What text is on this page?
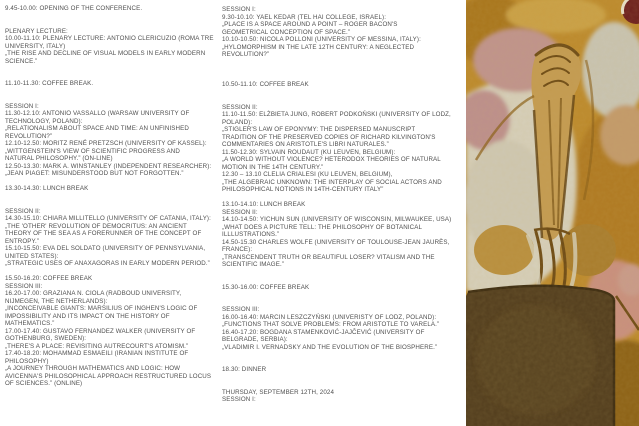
9.45-10.00: OPENING OF THE CONFERENCE.
PLENARY LECTURE:
10.00-11.10: PLENARY LECTURE: ANTONIO CLERICUZIO (ROMA TRE
UNIVERSITY, ITALY)
„THE RISE AND DECLINE OF VISUAL MODELS IN EARLY MODERN
SCIENCE.”
11.10-11.30: COFFEE BREAK.
SESSION I:
11.30-12.10: ANTONIO VASSALLO (WARSAW UNIVERSITY OF
TECHNOLOGY, POLAND):
„RELATIONALISM ABOUT SPACE AND TIME: AN UNFINISHED
REVOLUTION?”
12.10-12.50: MORITZ RENÉ PRETZSCH (UNIVERSITY OF KASSEL):
„WITTGENSTEIN'S VIEW OF SCIENTIFIC PROGRESS AND
NATURAL PHILOSOPHY.” (ON-LINE)
12.50-13.30: MARK A. WINSTANLEY (INDEPENDENT RESEARCHER):
„JEAN PIAGET: MISUNDERSTOOD BUT NOT FORGOTTEN.”
13.30-14.30: LUNCH BREAK
SESSION II:
14.30-15.10: CHIARA MILLITELLO (UNIVERSITY OF CATANIA, ITALY):
„THE 'OTHER' REVOLUTION OF DEMOCRITUS: AN ANCIENT
THEORY OF THE SEA AS A FORERUNNER OF THE CONCEPT OF
ENTROPY.”
15.10-15.50: EVA DEL SOLDATO (UNIVERSITY OF PENNSYLVANIA,
UNITED STATES):
„STRATEGIC USES OF ANAXAGORAS IN EARLY MODERN PERIOD.”
15.50-16.20: COFFEE BREAK
SESSION III:
16.20-17.00: GRAZIANA N. CIOLA (RADBOUD UNIVERSITY,
NIJMEGEN, THE NETHERLANDS):
„INCONCEIVABLE GIANTS: MARSILIUS OF INGHEN'S LOGIC OF
IMPOSSIBILITY AND ITS IMPACT ON THE HISTORY OF
MATHEMATICS.”
17.00-17.40: GUSTAVO FERNANDEZ WALKER (UNIVERSITY OF
GOTHENBURG, SWEDEN):
„THERE'S A PLACE: REVISITING AUTRECOURT'S ATOMISM.”
17.40-18.20: MOHAMMAD ESMAEILI (IRANIAN INSTITUTE OF
PHILOSOPHY)
„A JOURNEY THROUGH MATHEMATICS AND LOGIC: HOW
AVICENNA'S PHILOSOPHICAL APPROACH RESTRUCTURED LOCUS
OF SCIENCES.” (ONLINE)
SESSION I:
9.30-10.10: YAEL KEDAR (TEL HAI COLLEGE, ISRAEL):
„PLACE IS A SPACE AROUND A POINT – ROGER BACON'S
GEOMETRICAL CONCEPTION OF SPACE.”
10.10-10.50: NICOLA POLLONI (UNIVERSITY OF MESSINA, ITALY):
„HYLOMORPHISM IN THE LATE 12TH CENTURY: A NEGLECTED
REVOLUTION?”
10.50-11.10: COFFEE BREAK
SESSION II:
11.10-11.50: ELŻBIETA JUNG, ROBERT PODKOŃSKI (UNIVERSITY OF LODZ,
POLAND):
„STIGLER'S LAW OF EPONYMY: THE DISPERSED MANUSCRIPT
TRADITION OF THE PRESERVED COPIES OF RICHARD KILVINGTON'S
COMMENTARIES ON ARISTOTLE'S LIBRI NATURALES.”
11.50-12.30: SYLVAIN ROUDAUT (KU LEUVEN, BELGIUM):
„A WORLD WITHOUT VIOLENCE? HETERODOX THEORIES OF NATURAL
MOTION IN THE 14TH CENTURY.”
12.30 – 13.10 CLELIA CRIALESI (KU LEUVEN, BELGIUM),
„THE ALGEBRAIC UNKNOWN: THE INTERPLAY OF SOCIAL ACTORS AND
PHILOSOPHICAL NOTIONS IN 14TH-CENTURY ITALY”
13.10-14.10: LUNCH BREAK
SESSION II:
14.10-14.50: YICHUN SUN (UNIVERSITY OF WISCONSIN, MILWAUKEE, USA)
„WHAT DOES A PICTURE TELL: THE PHILOSOPHY OF BOTANICAL
ILLLUSTRATIONS.”
14.50-15.30 CHARLES WOLFE (UNIVERSITY OF TOULOUSE-JEAN JAURÈS,
FRANCE):
„TRANSCENDENT TRUTH OR BEAUTIFUL LOSER? VITALISM AND THE
SCIENTIFIC IMAGE.”
15.30-16.00: COFFEE BREAK
SESSION III:
16.00-16.40: MARCIN LESZCZYŃSKI (UNIVERISTY OF LODZ, POLAND):
„FUNCTIONS THAT SOLVE PROBLEMS: FROM ARISTOTLE TO VARELA.”
16.40-17.20: BOGDANA STAMENKOVIĆ-JAJČEVIĆ (UNIVERSITY OF
BELGRADE, SERBIA):
„VLADIMIR I. VERNADSKY AND THE EVOLUTION OF THE BIOSPHERE.”
18.30: DINNER
THURSDAY, SEPTEMBER 12TH, 2024
SESSION I:
